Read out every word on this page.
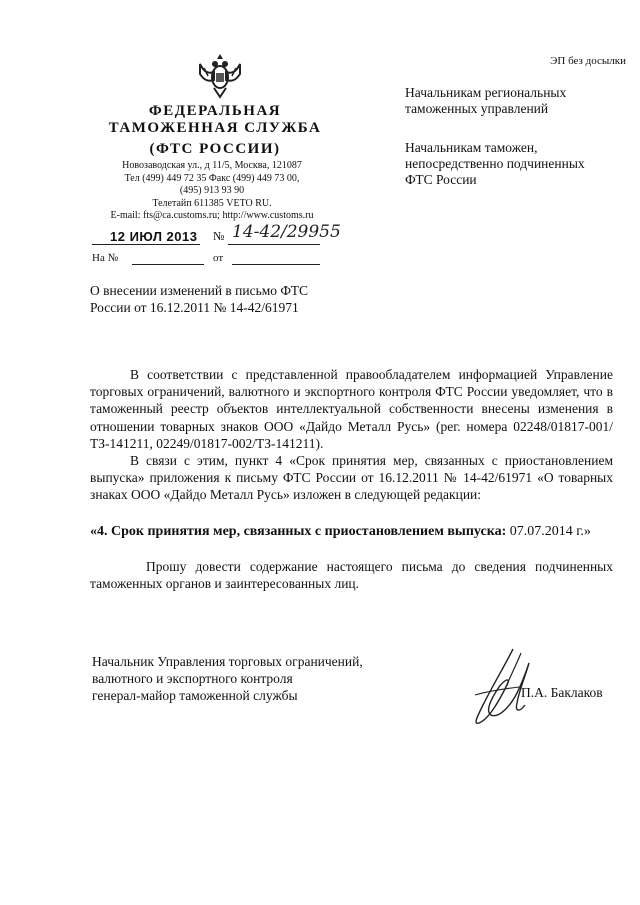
ЭП без досылки
ФЕДЕРАЛЬНАЯ
ТАМОЖЕННАЯ СЛУЖБА
(ФТС РОССИИ)
Новозаводская ул., д 11/5, Москва, 121087
Тел (499) 449 72 35 Факс (499) 449 73 00,
(495) 913 93 90
Телетайп 611385 VETO RU.
E-mail: fts@ca.customs.ru; http://www.customs.ru
12 ИЮЛ 2013 № 14-42/29955
На №	от
Начальникам региональных
таможенных управлений
Начальникам таможен,
непосредственно подчиненных
ФТС России
О внесении изменений в письмо ФТС России от 16.12.2011 № 14-42/61971
В соответствии с представленной правообладателем информацией Управление торговых ограничений, валютного и экспортного контроля ФТС России уведомляет, что в таможенный реестр объектов интеллектуальной собственности внесены изменения в отношении товарных знаков ООО «Дайдо Металл Русь» (рег. номера 02248/01817-001/ТЗ-141211, 02249/01817-002/ТЗ-141211).
В связи с этим, пункт 4 «Срок принятия мер, связанных с приостановлением выпуска» приложения к письму ФТС России от 16.12.2011 № 14-42/61971 «О товарных знаках ООО «Дайдо Металл Русь» изложен в следующей редакции:
«4. Срок принятия мер, связанных с приостановлением выпуска: 07.07.2014 г.»
Прошу довести содержание настоящего письма до сведения подчиненных таможенных органов и заинтересованных лиц.
Начальник Управления торговых ограничений,
валютного и экспортного контроля
генерал-майор таможенной службы	П.А. Баклаков
